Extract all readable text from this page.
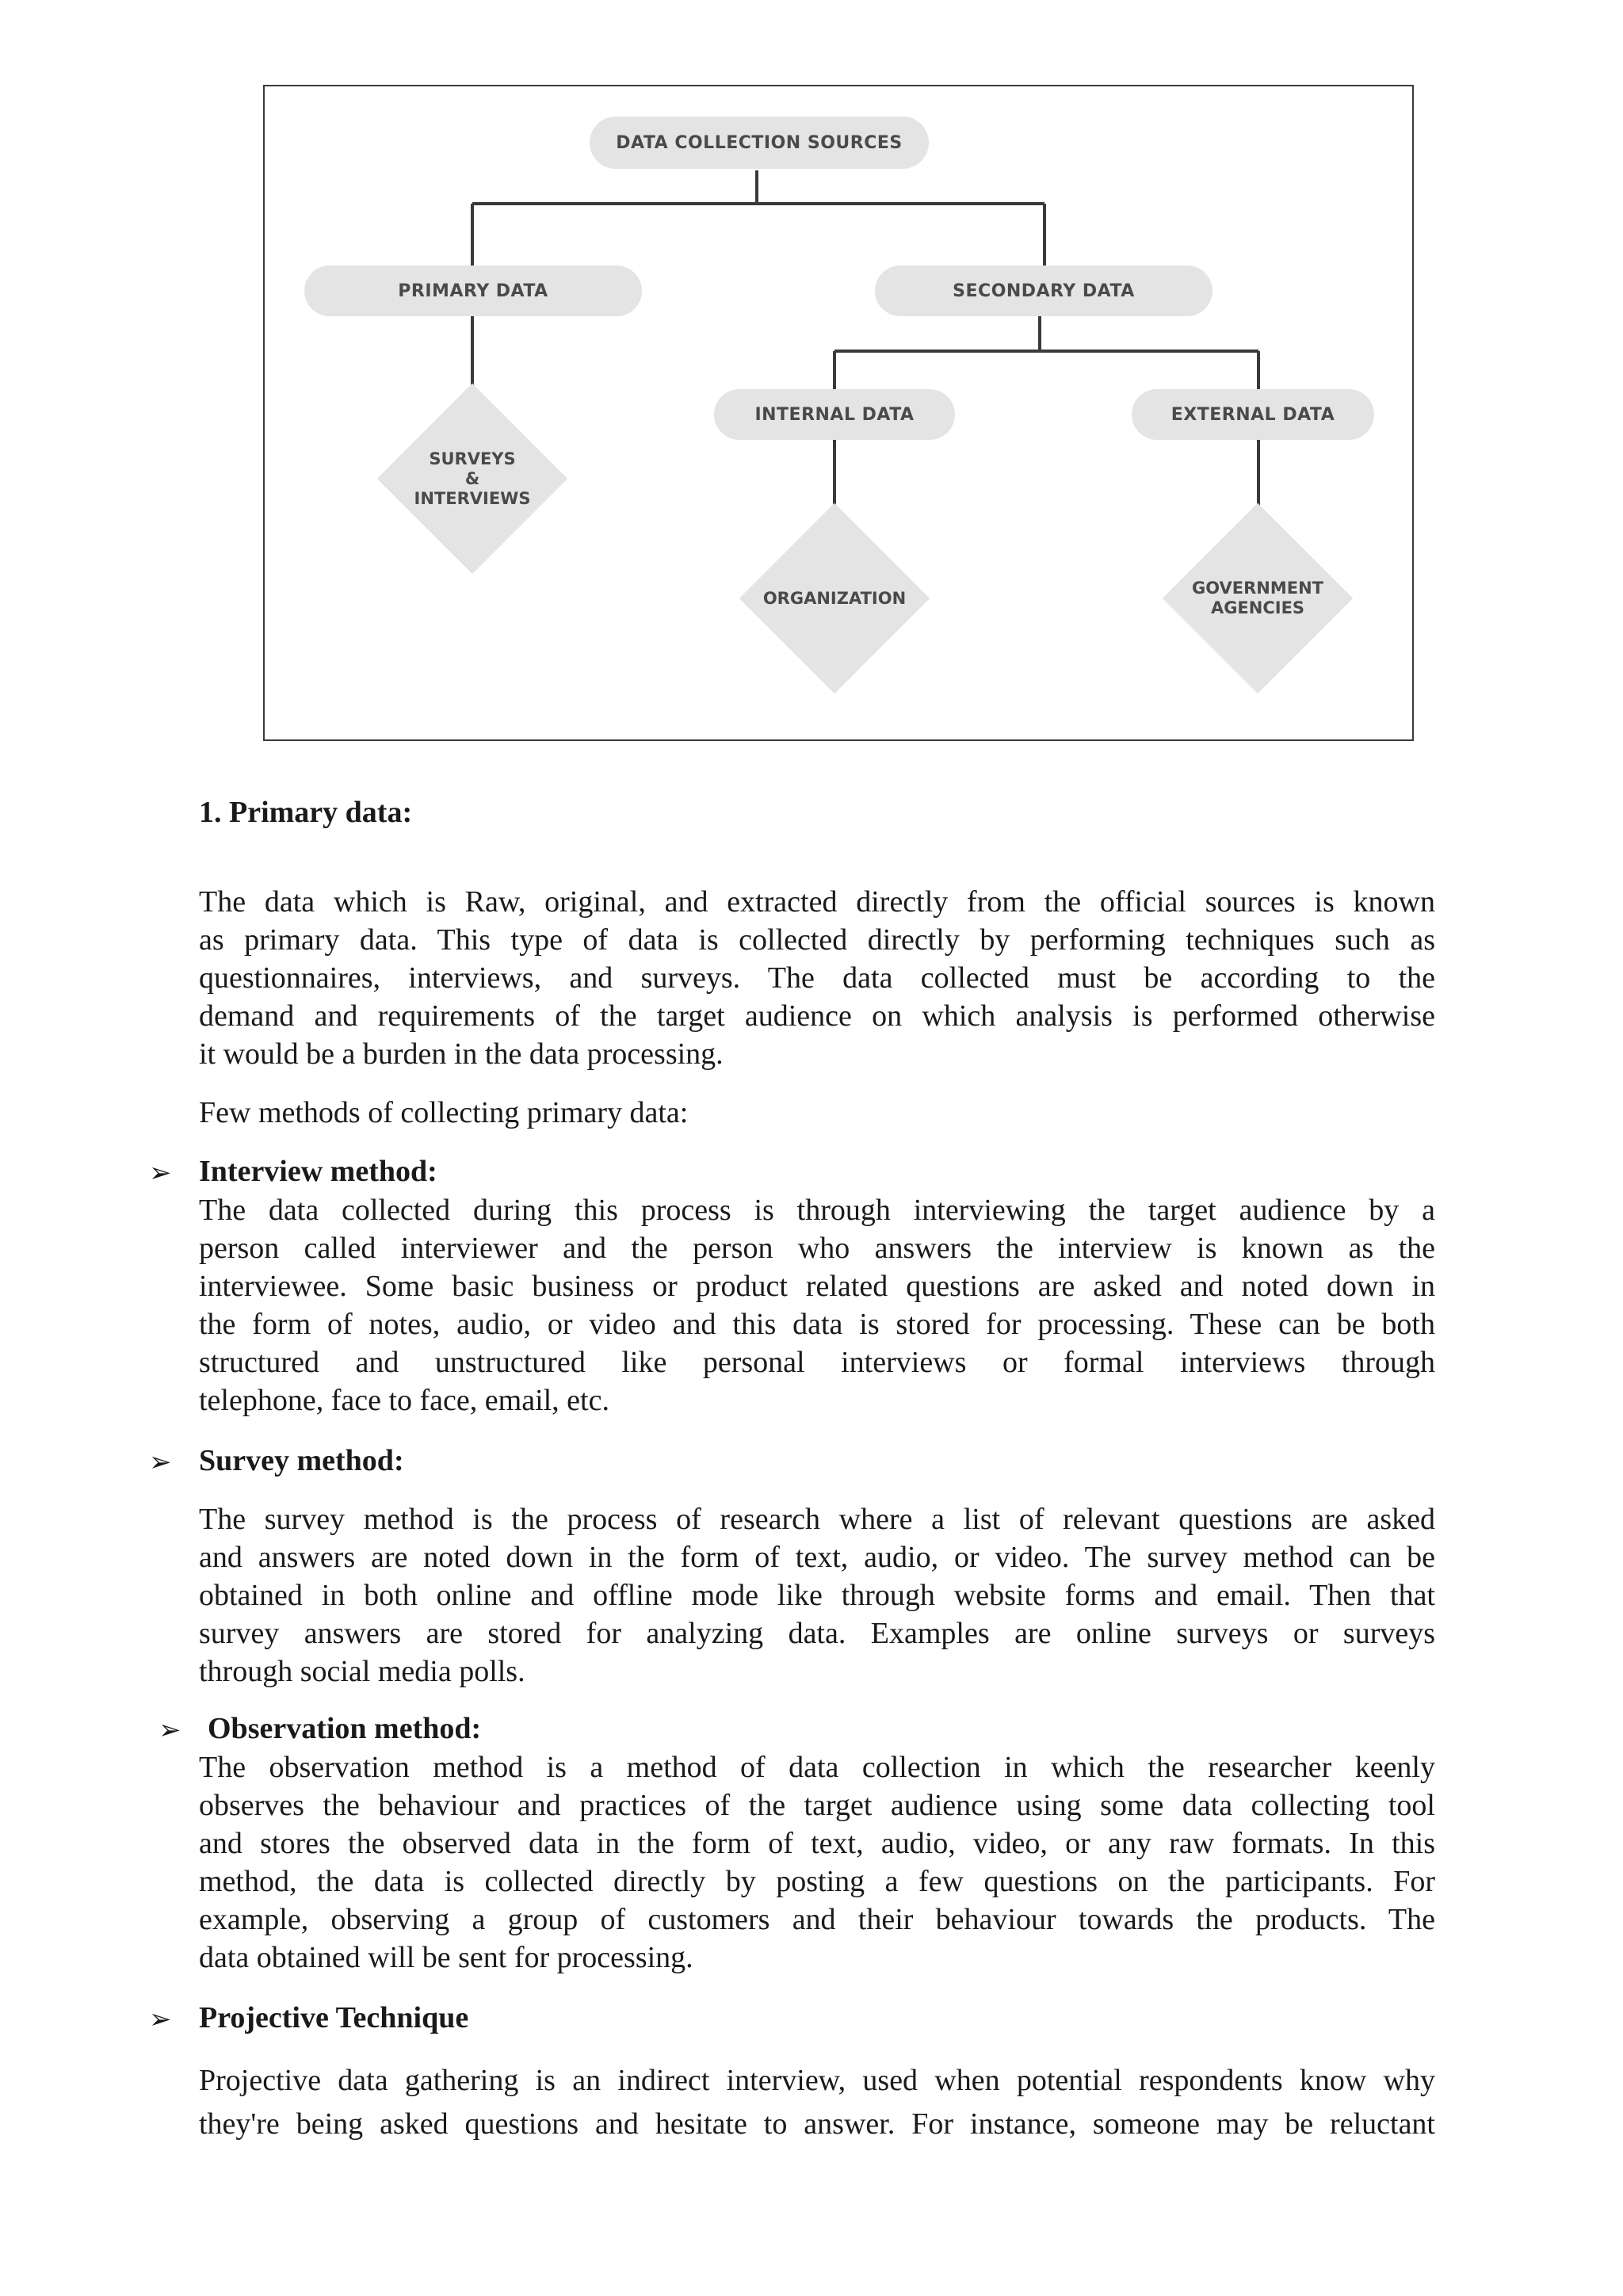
DATA COLLECTION SOURCES
PRIMARY DATA	SECONDARY DATA
INTERNAL DATA	EXTERNAL DATA
SURVEYS
&
INTERVIEWS
ORGANIZATION
GOVERNMENT
AGENCIES
1. Primary data:
The data which is Raw, original, and extracted directly from the official sources is known
as primary data. This type of data is collected directly by performing techniques such as
questionnaires, interviews, and surveys. The data collected must be according to the
demand and requirements of the target audience on which analysis is performed otherwise
it would be a burden in the data processing.
Few methods of collecting primary data:
➢ Interview method:
The data collected during this process is through interviewing the target audience by a
person called interviewer and the person who answers the interview is known as the
interviewee. Some basic business or product related questions are asked and noted down in
the form of notes, audio, or video and this data is stored for processing. These can be both
structured and unstructured like personal interviews or formal interviews through
telephone, face to face, email, etc.
➢ Survey method:
The survey method is the process of research where a list of relevant questions are asked
and answers are noted down in the form of text, audio, or video. The survey method can be
obtained in both online and offline mode like through website forms and email. Then that
survey answers are stored for analyzing data. Examples are online surveys or surveys
through social media polls.
➢ Observation method:
The observation method is a method of data collection in which the researcher keenly
observes the behaviour and practices of the target audience using some data collecting tool
and stores the observed data in the form of text, audio, video, or any raw formats. In this
method, the data is collected directly by posting a few questions on the participants. For
example, observing a group of customers and their behaviour towards the products. The
data obtained will be sent for processing.
➢ Projective Technique
Projective data gathering is an indirect interview, used when potential respondents know why
they're being asked questions and hesitate to answer. For instance, someone may be reluctant
